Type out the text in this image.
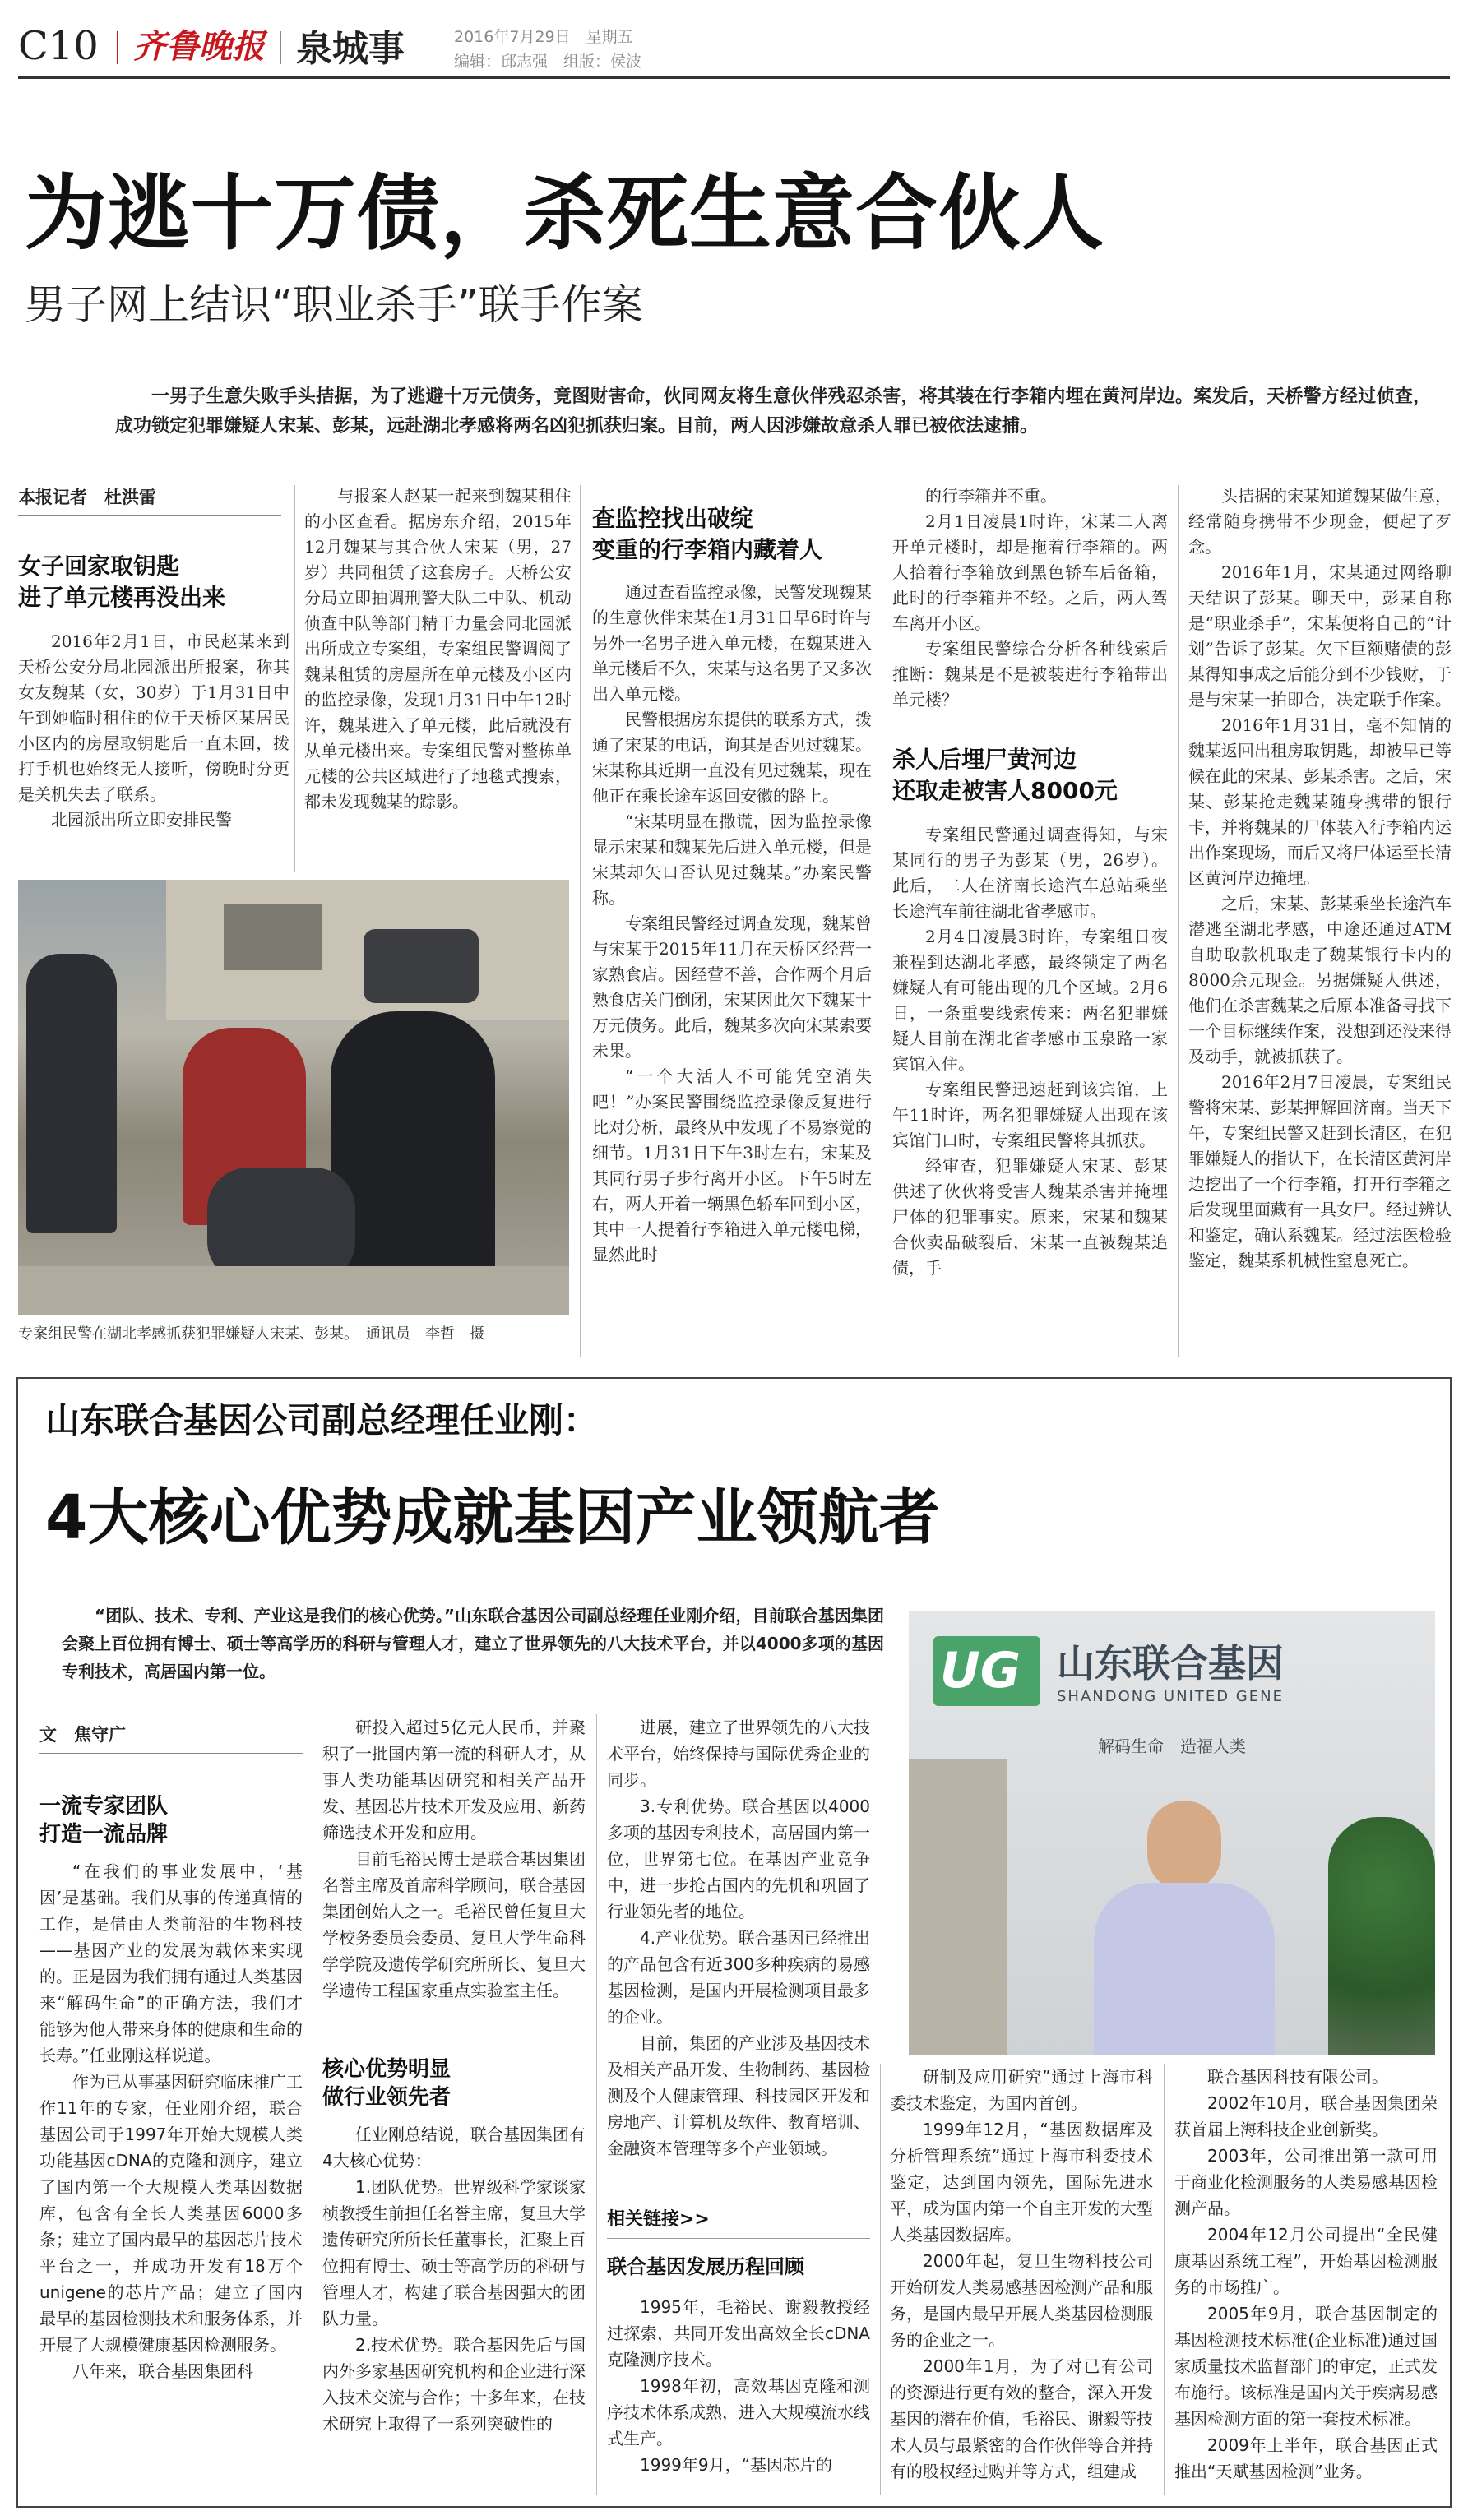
C10 齐鲁晚报 泉城事	2016年7月29日　星期五
编辑：邱志强　组版：侯波
为逃十万债，杀死生意合伙人
男子网上结识“职业杀手”联手作案
一男子生意失败手头拮据，为了逃避十万元债务，竟图财害命，伙同网友将生意伙伴残忍杀害，将其装在行李箱内埋在黄河岸边。案发后，天桥警方经过侦查，成功锁定犯罪嫌疑人宋某、彭某，远赴湖北孝感将两名凶犯抓获归案。目前，两人因涉嫌故意杀人罪已被依法逮捕。
本报记者　杜洪雷
女子回家取钥匙
进了单元楼再没出来

2016年2月1日，市民赵某来到天桥公安分局北园派出所报案，称其女友魏某（女，30岁）于1月31日中午到她临时租住的位于天桥区某居民小区内的房屋取钥匙后一直未回，拨打手机也始终无人接听，傍晚时分更是关机失去了联系。

北园派出所立即安排民警

与报案人赵某一起来到魏某租住的小区查看。据房东介绍，2015年12月魏某与其合伙人宋某（男，27岁）共同租赁了这套房子。天桥公安分局立即抽调刑警大队二中队、机动侦查中队等部门精干力量会同北园派出所成立专案组，专案组民警调阅了魏某租赁的房屋所在单元楼及小区内的监控录像，发现1月31日中午12时许，魏某进入了单元楼，此后就没有从单元楼出来。专案组民警对整栋单元楼的公共区域进行了地毯式搜索，都未发现魏某的踪影。

专案组民警在湖北孝感抓获犯罪嫌疑人宋某、彭某。　通讯员　李哲　摄
查监控找出破绽
变重的行李箱内藏着人

通过查看监控录像，民警发现魏某的生意伙伴宋某在1月31日早6时许与另外一名男子进入单元楼，在魏某进入单元楼后不久，宋某与这名男子又多次出入单元楼。

民警根据房东提供的联系方式，拨通了宋某的电话，询其是否见过魏某。宋某称其近期一直没有见过魏某，现在他正在乘长途车返回安徽的路上。

“宋某明显在撒谎，因为监控录像显示宋某和魏某先后进入单元楼，但是宋某却矢口否认见过魏某。”办案民警称。

专案组民警经过调查发现，魏某曾与宋某于2015年11月在天桥区经营一家熟食店。因经营不善，合作两个月后熟食店关门倒闭，宋某因此欠下魏某十万元债务。此后，魏某多次向宋某索要未果。

“一个大活人不可能凭空消失吧！”办案民警围绕监控录像反复进行比对分析，最终从中发现了不易察觉的细节。1月31日下午3时左右，宋某及其同行男子步行离开小区。下午5时左右，两人开着一辆黑色轿车回到小区，其中一人提着行李箱进入单元楼电梯，显然此时

的行李箱并不重。

2月1日凌晨1时许，宋某二人离开单元楼时，却是拖着行李箱的。两人拾着行李箱放到黑色轿车后备箱，此时的行李箱并不轻。之后，两人驾车离开小区。

专案组民警综合分析各种线索后推断：魏某是不是被装进行李箱带出单元楼？

杀人后埋尸黄河边
还取走被害人8000元

专案组民警通过调查得知，与宋某同行的男子为彭某（男，26岁）。此后，二人在济南长途汽车总站乘坐长途汽车前往湖北省孝感市。

2月4日凌晨3时许，专案组日夜兼程到达湖北孝感，最终锁定了两名嫌疑人有可能出现的几个区域。2月6日，一条重要线索传来：两名犯罪嫌疑人目前在湖北省孝感市玉泉路一家宾馆入住。

专案组民警迅速赶到该宾馆，上午11时许，两名犯罪嫌疑人出现在该宾馆门口时，专案组民警将其抓获。

经审查，犯罪嫌疑人宋某、彭某供述了伙伙将受害人魏某杀害并掩埋尸体的犯罪事实。原来，宋某和魏某合伙卖品破裂后，宋某一直被魏某追债，手

头拮据的宋某知道魏某做生意，经常随身携带不少现金，便起了歹念。

2016年1月，宋某通过网络聊天结识了彭某。聊天中，彭某自称是“职业杀手”，宋某便将自己的“计划”告诉了彭某。欠下巨额赌债的彭某得知事成之后能分到不少钱财，于是与宋某一拍即合，决定联手作案。

2016年1月31日，毫不知情的魏某返回出租房取钥匙，却被早已等候在此的宋某、彭某杀害。之后，宋某、彭某抢走魏某随身携带的银行卡，并将魏某的尸体装入行李箱内运出作案现场，而后又将尸体运至长清区黄河岸边掩埋。

之后，宋某、彭某乘坐长途汽车潜逃至湖北孝感，中途还通过ATM自助取款机取走了魏某银行卡内的8000余元现金。另据嫌疑人供述，他们在杀害魏某之后原本准备寻找下一个目标继续作案，没想到还没来得及动手，就被抓获了。

2016年2月7日凌晨，专案组民警将宋某、彭某押解回济南。当天下午，专案组民警又赶到长清区，在犯罪嫌疑人的指认下，在长清区黄河岸边挖出了一个行李箱，打开行李箱之后发现里面藏有一具女尸。经过辨认和鉴定，确认系魏某。经过法医检验鉴定，魏某系机械性窒息死亡。

山东联合基因公司副总经理任业刚：
4大核心优势成就基因产业领航者
“团队、技术、专利、产业这是我们的核心优势。”山东联合基因公司副总经理任业刚介绍，目前联合基因集团会聚上百位拥有博士、硕士等高学历的科研与管理人才，建立了世界领先的八大技术平台，并以4000多项的基因专利技术，高居国内第一位。	UG 山东联合基因
SHANDONG UNITED GENE
解码生命　造福人类
文　焦守广
一流专家团队
打造一流品牌

“在我们的事业发展中，‘基因’是基础。我们从事的传递真情的工作，是借由人类前沿的生物科技——基因产业的发展为载体来实现的。正是因为我们拥有通过人类基因来“解码生命”的正确方法，我们才能够为他人带来身体的健康和生命的长寿。”任业刚这样说道。

作为已从事基因研究临床推广工作11年的专家，任业刚介绍，联合基因公司于1997年开始大规模人类功能基因cDNA的克隆和测序，建立了国内第一个大规模人类基因数据库，包含有全长人类基因6000多条；建立了国内最早的基因芯片技术平台之一，并成功开发有18万个unigene的芯片产品；建立了国内最早的基因检测技术和服务体系，并开展了大规模健康基因检测服务。

八年来，联合基因集团科

研投入超过5亿元人民币，并聚积了一批国内第一流的科研人才，从事人类功能基因研究和相关产品开发、基因芯片技术开发及应用、新药筛选技术开发和应用。

目前毛裕民博士是联合基因集团名誉主席及首席科学顾问，联合基因集团创始人之一。毛裕民曾任复旦大学校务委员会委员、复旦大学生命科学学院及遗传学研究所所长、复旦大学遗传工程国家重点实验室主任。

核心优势明显
做行业领先者

任业刚总结说，联合基因集团有4大核心优势：

1.团队优势。世界级科学家谈家桢教授生前担任名誉主席，复旦大学遗传研究所所长任董事长，汇聚上百位拥有博士、硕士等高学历的科研与管理人才，构建了联合基因强大的团队力量。

2.技术优势。联合基因先后与国内外多家基因研究机构和企业进行深入技术交流与合作；十多年来，在技术研究上取得了一系列突破性的

进展，建立了世界领先的八大技术平台，始终保持与国际优秀企业的同步。

3.专利优势。联合基因以4000多项的基因专利技术，高居国内第一位，世界第七位。在基因产业竞争中，进一步抢占国内的先机和巩固了行业领先者的地位。

4.产业优势。联合基因已经推出的产品包含有近300多种疾病的易感基因检测，是国内开展检测项目最多的企业。

目前，集团的产业涉及基因技术及相关产品开发、生物制药、基因检测及个人健康管理、科技园区开发和房地产、计算机及软件、教育培训、金融资本管理等多个产业领域。

相关链接>>
联合基因发展历程回顾

1995年，毛裕民、谢毅教授经过探索，共同开发出高效全长cDNA克隆测序技术。

1998年初，高效基因克隆和测序技术体系成熟，进入大规模流水线式生产。

1999年9月，“基因芯片的

研制及应用研究”通过上海市科委技术鉴定，为国内首创。

1999年12月，“基因数据库及分析管理系统”通过上海市科委技术鉴定，达到国内领先，国际先进水平，成为国内第一个自主开发的大型人类基因数据库。

2000年起，复旦生物科技公司开始研发人类易感基因检测产品和服务，是国内最早开展人类基因检测服务的企业之一。

2000年1月，为了对已有公司的资源进行更有效的整合，深入开发基因的潜在价值，毛裕民、谢毅等技术人员与最紧密的合作伙伴等合并持有的股权经过购并等方式，组建成

联合基因科技有限公司。

2002年10月，联合基因集团荣获首届上海科技企业创新奖。

2003年，公司推出第一款可用于商业化检测服务的人类易感基因检测产品。

2004年12月公司提出“全民健康基因系统工程”，开始基因检测服务的市场推广。

2005年9月，联合基因制定的基因检测技术标准(企业标准)通过国家质量技术监督部门的审定，正式发布施行。该标准是国内关于疾病易感基因检测方面的第一套技术标准。

2009年上半年，联合基因正式推出“天赋基因检测”业务。
